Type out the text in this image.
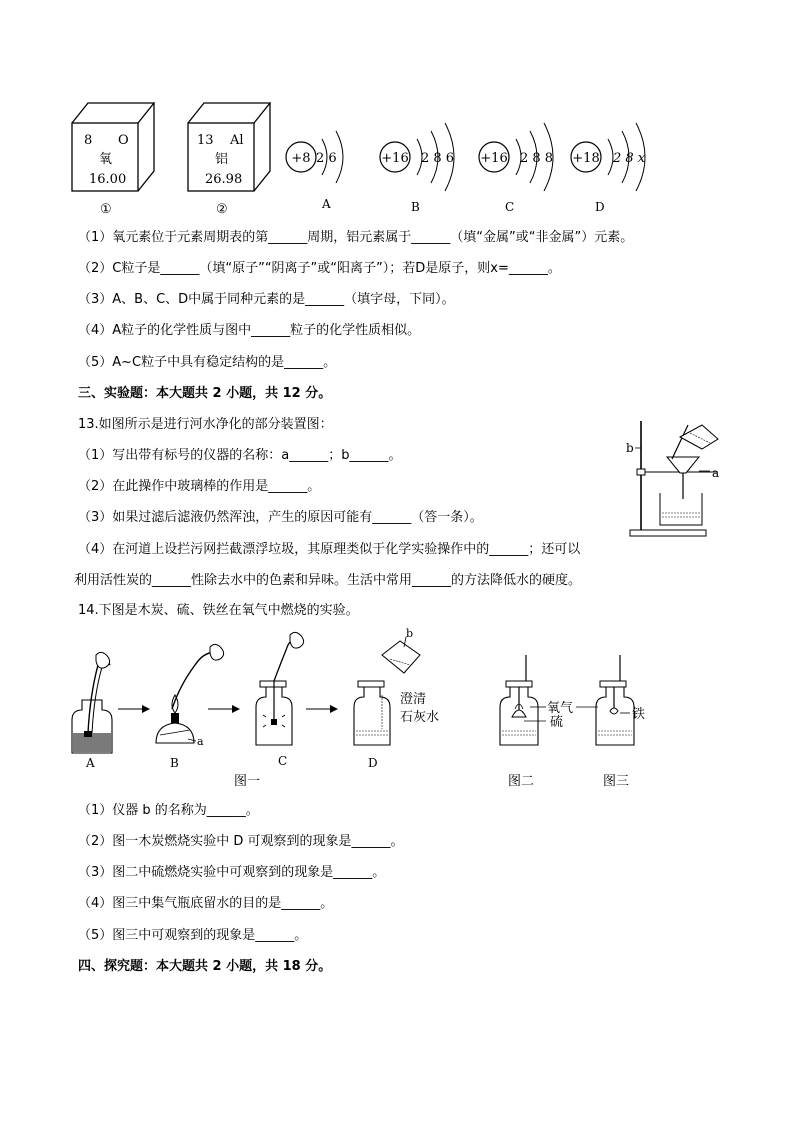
8 O
氧
16.00
①
13 Al
铝
26.98
②
+8 2 6
A
+16 2 8 6
B
+16 2 8 8
C
+18 2 8 x
D
（1）氧元素位于元素周期表的第______周期，铝元素属于______（填“金属”或“非金属”）元素。
（2）C粒子是______（填“原子”“阴离子”或“阳离子”）；若D是原子，则x=______。
（3）A、B、C、D中属于同种元素的是______（填字母，下同）。
（4）A粒子的化学性质与图中______粒子的化学性质相似。
（5）A~C粒子中具有稳定结构的是______。
三、实验题：本大题共 2 小题，共 12 分。
13.如图所示是进行河水净化的部分装置图：
（1）写出带有标号的仪器的名称：a______；b______。
（2）在此操作中玻璃棒的作用是______。
（3）如果过滤后滤液仍然浑浊，产生的原因可能有______（答一条）。
（4）在河道上设拦污网拦截漂浮垃圾，其原理类似于化学实验操作中的______；还可以
利用活性炭的______性除去水中的色素和异味。生活中常用______的方法降低水的硬度。
b
a
14.下图是木炭、硫、铁丝在氧气中燃烧的实验。
A
a
B	C
b
澄清
石灰水
D
图一
氧气
硫
图二
铁
图三
（1）仪器 b 的名称为______。
（2）图一木炭燃烧实验中 D 可观察到的现象是______。
（3）图二中硫燃烧实验中可观察到的现象是______。
（4）图三中集气瓶底留水的目的是______。
（5）图三中可观察到的现象是______。
四、探究题：本大题共 2 小题，共 18 分。
